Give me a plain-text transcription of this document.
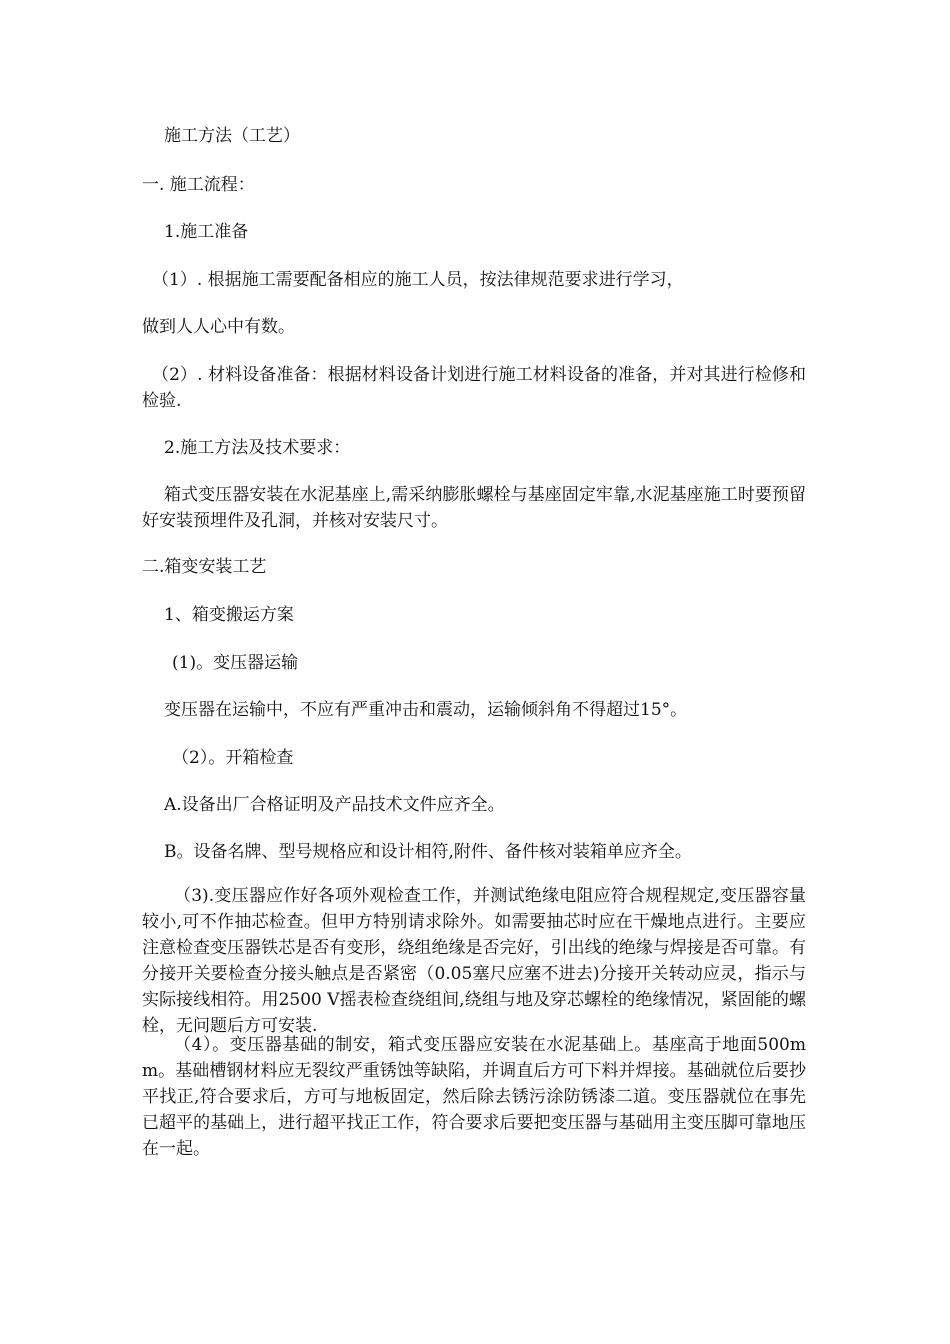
施工方法（工艺）

一. 施工流程：

1.施工准备

（1）. 根据施工需要配备相应的施工人员，按法律规范要求进行学习，

做到人人心中有数。

（2）. 材料设备准备：根据材料设备计划进行施工材料设备的准备，并对其进行检修和检验.

2.施工方法及技术要求：

箱式变压器安装在水泥基座上,需采纳膨胀螺栓与基座固定牢靠,水泥基座施工时要预留好安装预埋件及孔洞，并核对安装尺寸。

二.箱变安装工艺

1、箱变搬运方案

(1)。变压器运输

变压器在运输中，不应有严重冲击和震动，运输倾斜角不得超过15°。

（2）。开箱检查

A.设备出厂合格证明及产品技术文件应齐全。

B。设备名牌、型号规格应和设计相符,附件、备件核对装箱单应齐全。

（3).变压器应作好各项外观检查工作，并测试绝缘电阻应符合规程规定,变压器容量较小,可不作抽芯检查。但甲方特别请求除外。如需要抽芯时应在干燥地点进行。主要应注意检查变压器铁芯是否有变形，绕组绝缘是否完好，引出线的绝缘与焊接是否可靠。有分接开关要检查分接头触点是否紧密（0.05塞尺应塞不进去)分接开关转动应灵，指示与实际接线相符。用2500 V摇表检查绕组间,绕组与地及穿芯螺栓的绝缘情况，紧固能的螺栓，无问题后方可安装.

（4）。变压器基础的制安，箱式变压器应安装在水泥基础上。基座高于地面500mm。基础槽钢材料应无裂纹严重锈蚀等缺陷，并调直后方可下料并焊接。基础就位后要抄平找正,符合要求后，方可与地板固定，然后除去锈污涂防锈漆二道。变压器就位在事先已超平的基础上，进行超平找正工作，符合要求后要把变压器与基础用主变压脚可靠地压在一起。
